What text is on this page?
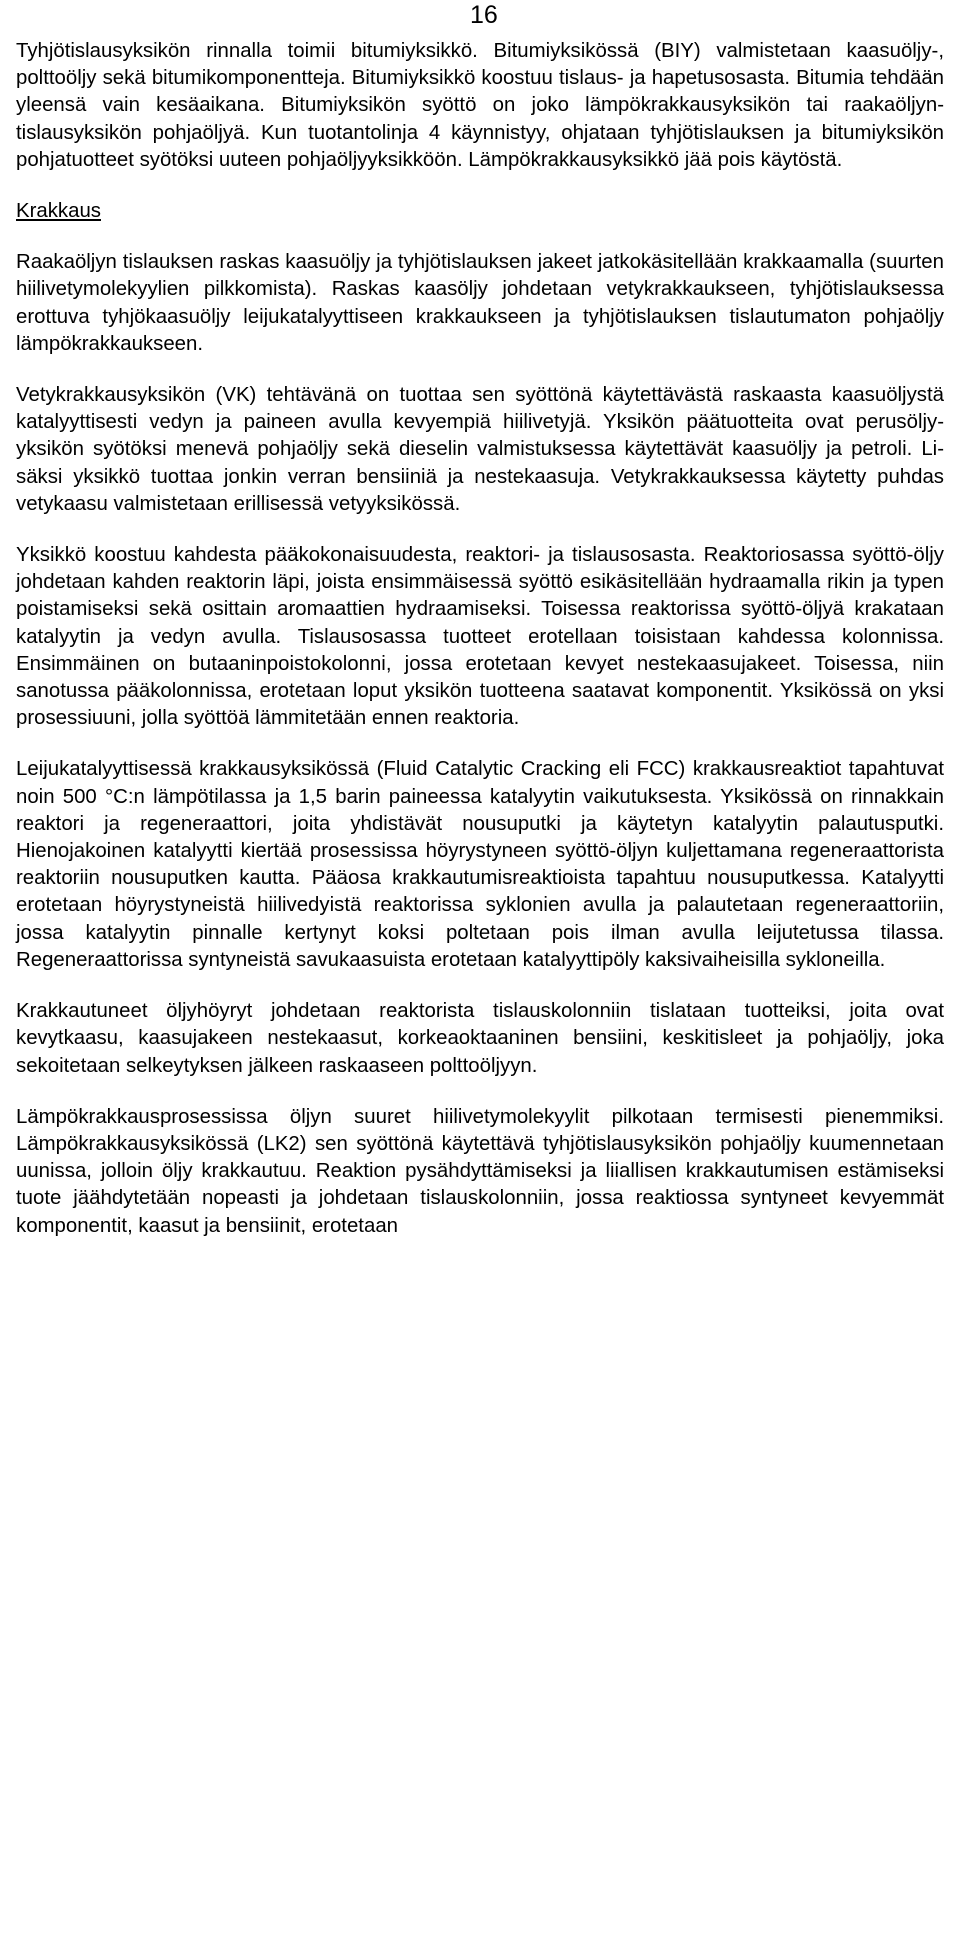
16

Tyhjötislausyksikön rinnalla toimii bitumiyksikkö. Bitumiyksikössä (BIY) valmistetaan kaasuöljy-, polttoöljy sekä bitumikomponentteja. Bitumiyksikkö koostuu tislaus- ja hapetusosasta. Bitumia tehdään yleensä vain kesäaikana. Bitumiyksikön syöttö on joko lämpökrakkausyksikön tai raakaöljyntislausyksikön pohjaöljyä. Kun tuotantolinja 4 käynnistyy, ohjataan tyhjötislauksen ja bitumiyksikön pohjatuotteet syötöksi uuteen pohjaöljyyksikköön. Lämpökrakkausyksikkö jää pois käytöstä.

Krakkaus

Raakaöljyn tislauksen raskas kaasuöljy ja tyhjötislauksen jakeet jatkokäsitellään krakkaamalla (suurten hiilivetymolekyylien pilkkomista). Raskas kaasöljy johdetaan vetykrakkaukseen, tyhjötislauksessa erottuva tyhjökaasuöljy leijukatalyyttiseen krakkaukseen ja tyhjötislauksen tislautumaton pohjaöljy lämpökrakkaukseen.

Vetykrakkausyksikön (VK) tehtävänä on tuottaa sen syöttönä käytettävästä raskaasta kaasuöljystä katalyyttisesti vedyn ja paineen avulla kevyempiä hiilivetyjä. Yksikön päätuotteita ovat perusöljy-yksikön syötöksi menevä pohjaöljy sekä dieselin valmistuksessa käytettävät kaasuöljy ja petroli. Lisäksi yksikkö tuottaa jonkin verran bensiiniä ja nestekaasuja. Vetykrakkauksessa käytetty puhdas vetykaasu valmistetaan erillisessä vetyyksikössä.

Yksikkö koostuu kahdesta pääkokonaisuudesta, reaktori- ja tislausosasta. Reaktoriosassa syöttö-öljy johdetaan kahden reaktorin läpi, joista ensimmäisessä syöttö esikäsitellään hydraamalla rikin ja typen poistamiseksi sekä osittain aromaattien hydraamiseksi. Toisessa reaktorissa syöttö-öljyä krakataan katalyytin ja vedyn avulla. Tislausosassa tuotteet erotellaan toisistaan kahdessa kolonnissa. Ensimmäinen on butaaninpoistokolonni, jossa erotetaan kevyet nestekaasujakeet. Toisessa, niin sanotussa pääkolonnissa, erotetaan loput yksikön tuotteena saatavat komponentit. Yksikössä on yksi prosessiuuni, jolla syöttöä lämmitetään ennen reaktoria.

Leijukatalyyttisessä krakkausyksikössä (Fluid Catalytic Cracking eli FCC) krakkausreaktiot tapahtuvat noin 500 °C:n lämpötilassa ja 1,5 barin paineessa katalyytin vaikutuksesta. Yksikössä on rinnakkain reaktori ja regeneraattori, joita yhdistävät nousuputki ja käytetyn katalyytin palautusputki. Hienojakoinen katalyytti kiertää prosessissa höyrystyneen syöttö-öljyn kuljettamana regeneraattorista reaktoriin nousuputken kautta. Pääosa krakkautumisreaktioista tapahtuu nousuputkessa. Katalyytti erotetaan höyrystyneistä hiilivedyistä reaktorissa syklonien avulla ja palautetaan regeneraattoriin, jossa katalyytin pinnalle kertynyt koksi poltetaan pois ilman avulla leijutetussa tilassa. Regeneraattorissa syntyneistä savukaasuista erotetaan katalyyttipöly kaksivaiheisilla sykloneilla.

Krakkautuneet öljyhöyryt johdetaan reaktorista tislauskolonniin tislataan tuotteiksi, joita ovat kevytkaasu, kaasujakeen nestekaasut, korkeaoktaaninen bensiini, keskitisleet ja pohjaöljy, joka sekoitetaan selkeytyksen jälkeen raskaaseen polttoöljyyn.

Lämpökrakkausprosessissa öljyn suuret hiilivetymolekyylit pilkotaan termisesti pienemmiksi. Lämpökrakkausyksikössä (LK2) sen syöttönä käytettävä tyhjötislausyksikön pohjaöljy kuumennetaan uunissa, jolloin öljy krakkautuu. Reaktion pysähdyttämiseksi ja liiallisen krakkautumisen estämiseksi tuote jäähdytetään nopeasti ja johdetaan tislauskolonniin, jossa reaktiossa syntyneet kevyemmät komponentit, kaasut ja bensiinit, erotetaan
